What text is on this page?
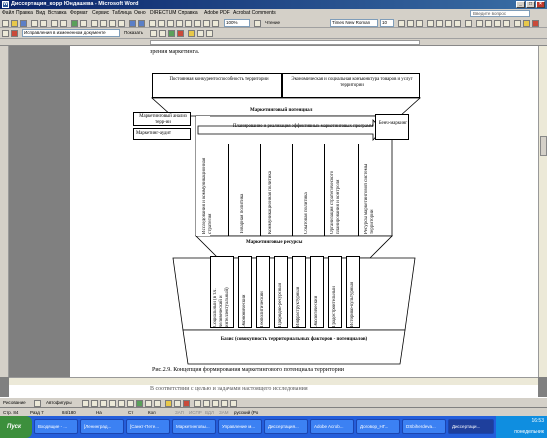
W Диссертация_корр Юндашева - Microsoft Word	_	□	×
Файл Правка Вид Вставка Формат Сервис Таблица Окно DIRECTUM Справка Adobe PDF Acrobat Comments	Введите вопрос
100%	Чтение	Times New Roman	10
Исправления в измененном документе	Показать
зрения маркетинга.
Постоянная конкурентоспособность территории	Экономическая и социальная конъюнктура товаров и услуг территории
Маркетинговый потенциал
Маркетинговый анализ терр-ии
Маркетинг-аудит
Планирование и реализация эффективных маркетинговых программ
Бенч-маркинг
Исследования и коммуникационная стратегия	Товарная политика	Коммуникационная политика	Сбытовая политика	Организация стратегического планирования и контроля	Ресурсы маркетинговой системы территории
Маркетинговые ресурсы
Социальный (в т.ч. человеческий и интеллектуальный)	Экономический	Геополитический	Природно-ресурсный	Инфраструктурный	Экологический	Градостроительный	Историко-культурный
Базис (совокупность территориальных факторов - потенциалов)
Рис.2.9. Концепция формирования маркетингового потенциала территории
В соответствии с целью и задачами настоящего исследования
Рисование	Автофигуры
Стр. 84	Разд 7	84/180	На	Ст	Кол	ЗАП ИСПР ВДЛ ЗАМ русский (Ро
Пуск	Входящие - ...	[Ленинград...	[Санкт-Пете...	Маркетинговы...	Управление м...	Диссертация...	Adobe Acrob...	Договор_НГ...	DSbiherdeva...	Диссертаци...
16:53
понедельник
